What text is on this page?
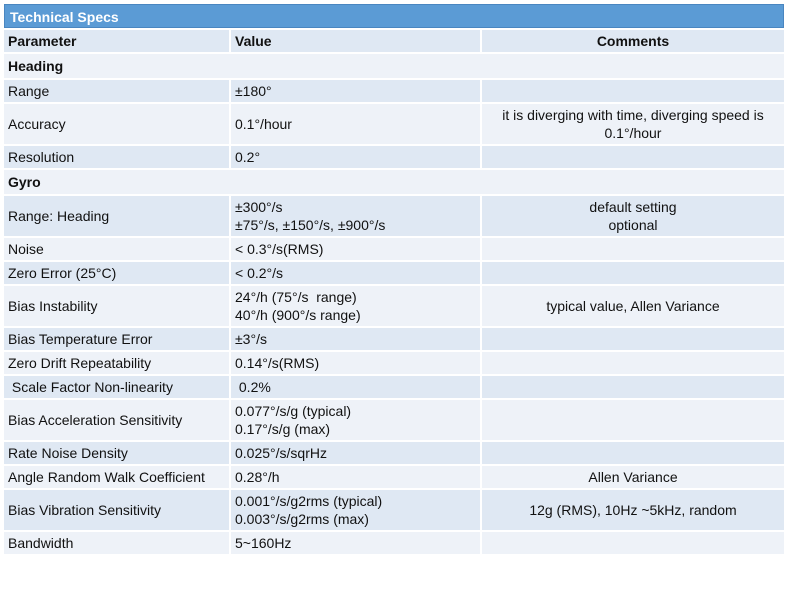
Technical Specs
Parameter	Value	Comments
Heading		
Range	±180°	

Accuracy	0.1°/hour	it is diverging with time, diverging speed is
0.1°/hour

Resolution	0.2°	

Gyro		
Range: Heading	±300°/s
±75°/s, ±150°/s, ±900°/s	default setting
optional

Noise	< 0.3°/s(RMS)	

Zero Error (25°C)	< 0.2°/s	

Bias Instability	24°/h (75°/s  range)
40°/h (900°/s range)	typical value, Allen Variance

Bias Temperature Error	±3°/s	

Zero Drift Repeatability	0.14°/s(RMS)	

Scale Factor Non-linearity	0.2%	

Bias Acceleration Sensitivity	0.077°/s/g (typical)
0.17°/s/g (max)	

Rate Noise Density	0.025°/s/sqrHz	

Angle Random Walk Coefficient	0.28°/h	Allen Variance

Bias Vibration Sensitivity	0.001°/s/g2rms (typical)
0.003°/s/g2rms (max)	12g (RMS), 10Hz ~5kHz, random

Bandwidth	5~160Hz	
